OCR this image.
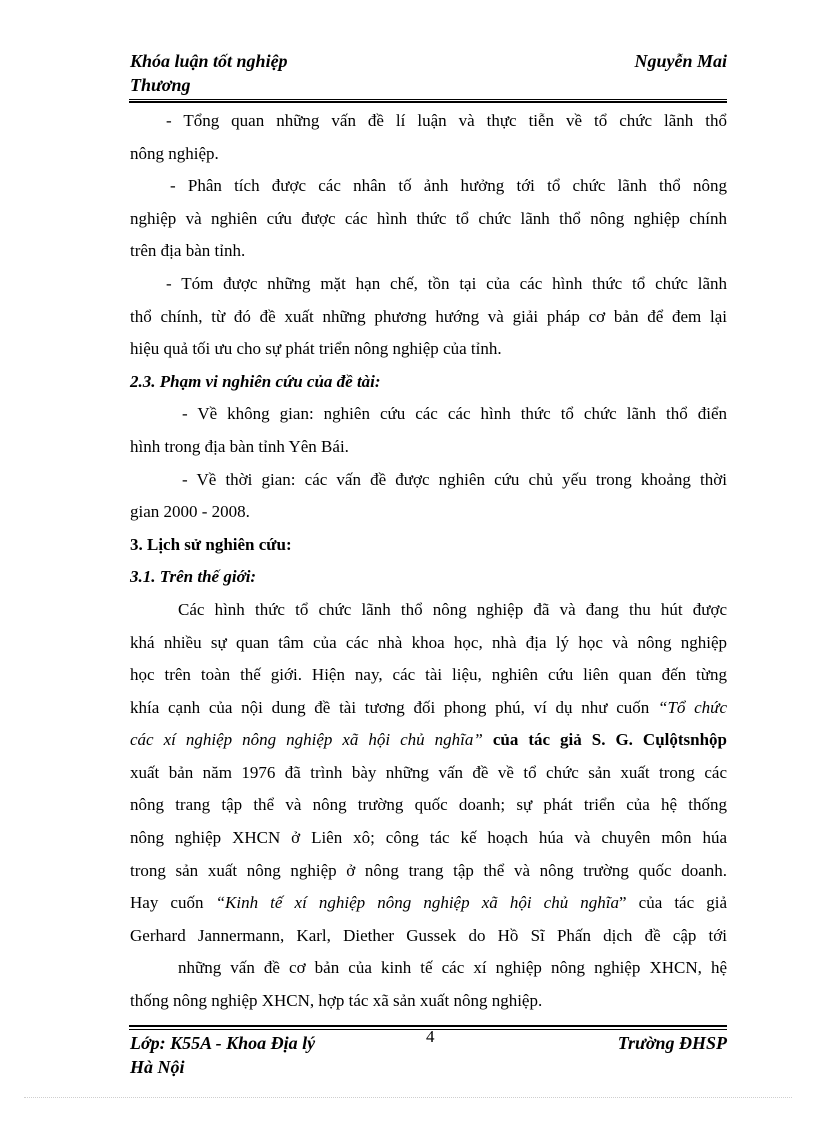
Khóa luận tốt nghiệp	Nguyễn Mai
Thương
- Tổng quan những vấn đề lí luận và thực tiễn về tổ chức lãnh thổ
nông nghiệp.
- Phân tích được các nhân tố ảnh hưởng tới tổ chức lãnh thổ nông
nghiệp và nghiên cứu được các hình thức tổ chức lãnh thổ nông nghiệp chính
trên địa bàn tỉnh.
- Tóm được những mặt hạn chế, tồn tại của các hình thức tổ chức lãnh
thổ chính, từ đó đề xuất những phương hướng và giải pháp cơ bản để đem lại
hiệu quả tối ưu cho sự phát triển nông nghiệp của tỉnh.
2.3. Phạm vi nghiên cứu của đề tài:
- Về không gian: nghiên cứu các các hình thức tổ chức lãnh thổ điển
hình trong địa bàn tỉnh Yên Bái.
- Về thời gian: các vấn đề được nghiên cứu chủ yếu trong khoảng thời
gian 2000 - 2008.
3. Lịch sử nghiên cứu:
3.1. Trên thế giới:
Các hình thức tổ chức lãnh thổ nông nghiệp đã và đang thu hút được
khá nhiều sự quan tâm của các nhà khoa học, nhà địa lý học và nông nghiệp
học trên toàn thế giới. Hiện nay, các tài liệu, nghiên cứu liên quan đến từng
khía cạnh của nội dung đề tài tương đối phong phú, ví dụ như cuốn “Tổ chức
các xí nghiệp nông nghiệp xã hội chủ nghĩa” của tác giả S. G. Cụlộtsnhộp
xuất bản năm 1976 đã trình bày những vấn đề về tổ chức sản xuất trong các
nông trang tập thể và nông trường quốc doanh; sự phát triển của hệ thống
nông nghiệp XHCN ở Liên xô; công tác kế hoạch húa và chuyên môn húa
trong sản xuất nông nghiệp ở nông trang tập thể và nông trường quốc doanh.
Hay cuốn “Kinh tế xí nghiệp nông nghiệp xã hội chủ nghĩa” của tác giả
Gerhard Jannermann, Karl, Diether Gussek do Hồ Sĩ Phấn dịch đề cập tới
những vấn đề cơ bản của kinh tế các xí nghiệp nông nghiệp XHCN, hệ
thống nông nghiệp XHCN, hợp tác xã sản xuất nông nghiệp.
Lớp: K55A - Khoa Địa lý
Hà Nội
4	Trường ĐHSP
